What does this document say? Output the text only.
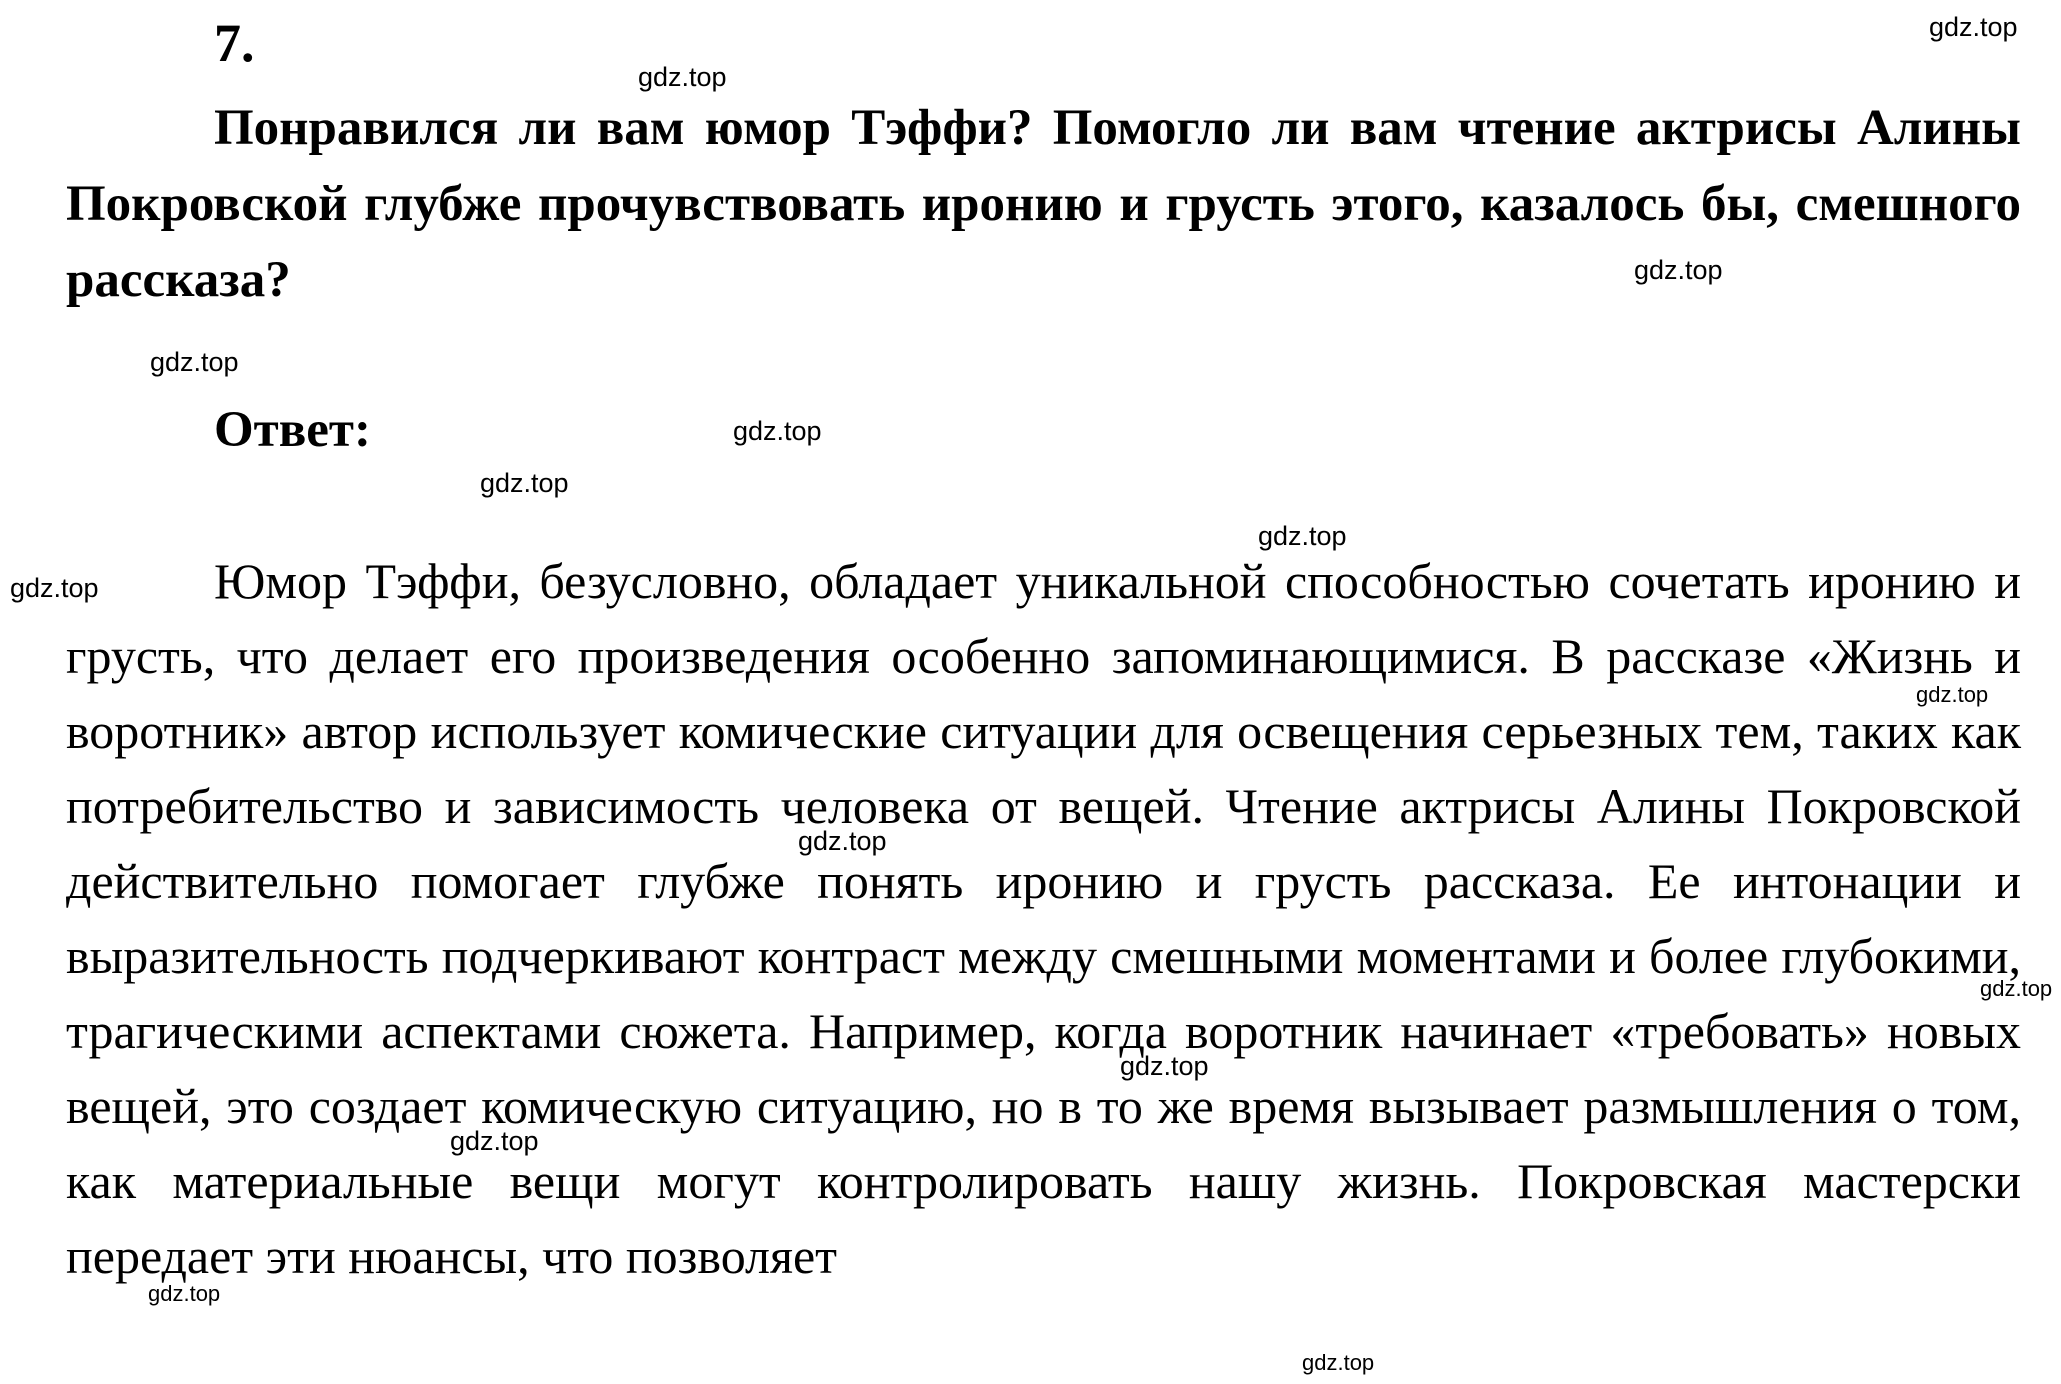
7.

Понравился ли вам юмор Тэффи? Помогло ли вам чтение актрисы Алины Покровской глубже прочувствовать иронию и грусть этого, казалось бы, смешного рассказа?

Ответ:

Юмор Тэффи, безусловно, обладает уникальной способностью сочетать иронию и грусть, что делает его произведения особенно запоминающимися. В рассказе «Жизнь и воротник» автор использует комические ситуации для освещения серьезных тем, таких как потребительство и зависимость человека от вещей. Чтение актрисы Алины Покровской действительно помогает глубже понять иронию и грусть рассказа. Ее интонации и выразительность подчеркивают контраст между смешными моментами и более глубокими, трагическими аспектами сюжета. Например, когда воротник начинает «требовать» новых вещей, это создает комическую ситуацию, но в то же время вызывает размышления о том, как материальные вещи могут контролировать нашу жизнь. Покровская мастерски передает эти нюансы, что позволяет

gdz.top
gdz.top
gdz.top
gdz.top
gdz.top
gdz.top
gdz.top
gdz.top
gdz.top
gdz.top
gdz.top
gdz.top
gdz.top
gdz.top
gdz.top
